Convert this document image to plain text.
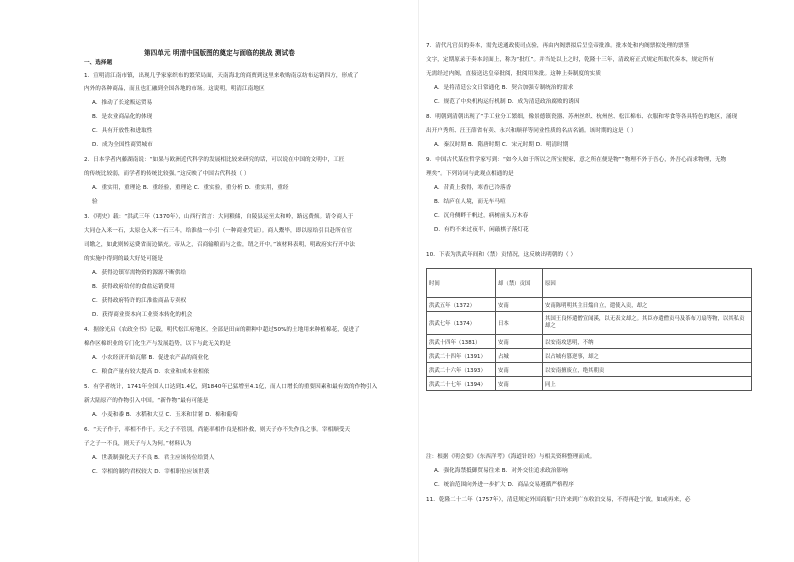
第四单元 明清中国版图的奠定与面临的挑战 测试卷
一、选择题
1．宣明清江南市镇，出现几乎家家织布的繁荣局面，天南海北的商贾到这里来收购南京纺布运销四方，形成了
内外的各种商品，而且也汇融到全国各地的市场。这说明，明清江南地区
A．推动了长途贩运贸易
B．是农业商品化的体现
C．具有开放性和进取性
D．成为全国性商贸城市
2．日本学者内藤湖南说：“如果与欧洲近代科学的发展相比较来研究的话，可以说在中国的文明中，工匠
的传统比较弱，而学者的传统比较强。”这反映了中国古代科技（ ）
A．重实用，重理论 B．重经验，重理论 C．重实验，重分析 D．重实用，重经
验
3．《明史》载：“洪武三年（1370年），山西行省言：大同粮储，自陵县运至太和岭，路远费烦。请令商人于
大同仓入米一石，太原仓入米一石三斗，给淮盐一小引（一种商业凭证）。商人鬻毕，即以原给引目赴所在官
司缴之，如此则转运费省而边储充。帝从之，召商输粮而与之盐，谓之开中。”该材料表明，明政府实行开中法
的实施中得到的最大好处可能是
A．获得边镇军需物资的源源不断供给
B．获得政府给付的食盐运销费用
C．获得政府特许的江淮盐商品专卖权
D．获得商业资本向工业资本转化的机会
4．据徐光启《农政全书》记载，明代松江府地区，全部是田亩的耕种中超过50%的土地用来种植棉花，促进了
棉作区棉织业的专门化生产与发展趋势，以下与此无关的是
A．小农经济开始瓦解 B．促进农产品的商业化
C．粮食产量有较大提高 D．农业和成本业相依
5．有学者统计，1741年全国人口达到1.4亿，到1840年已猛增至4.1亿，而人口增长的重要因素和最有效的作物引入
新大陆原产的作物引入中国。“新作物”最有可能是
A．小麦和黍 B．水稻和大豆 C．玉米和甘薯 D．棉和葡萄
6．“天子作于，率相不作于。天之子不管别，尚能率相作良是相扑救，则天子亦不失作良之事。宰相顺受天
子之子一不良，则天子与人为何。”材料认为
A．世袭制强化天子不良 B．君主应该传位给贤人
C．宰相的制约君权较大 D．宰相职位应该世袭
7．清代凡官员的奏本，需先送通政使司点验，再由内阁票拟后呈皇帝批准。批本处和内阁票拟处理的票签
文字，定期原录于奏本封面上，称为“批红”。并当处以上之时，乾隆十三年，清政府正式规定所取代奏本，规定所有
无需经过内阁，直接送达皇帝批阅，批阅用朱批。这种上奏制度的实质
A．是将清廷公文日常通化 B．契合加强专制统治的需求
C．规范了中央机构运行机制 D．成为清廷政治腐败的诱因
8．明朝到清朝出现了“手工业分工繁细，像景德镇瓷器、苏州丝织、杭州丝、松江棉布、衣服和零食等各具特色的地区，涌现
出开户秀所、汪王薛省有卖、永兴和顺祥等同业性质的名店名铺。该时期的这是（ ）
A．秦汉时期 B．隋唐时期 C．宋元时期 D．明清时期
9．中国古代某位哲学家写到：“如今人如于所以之所宝便家，意之所在便是物”“物理不外于吾心，外吾心而求物理，无物
理矣”。下列诗词与此观点相通的是
A．昔黄上我得，寒香已冷落香
B．结庐在人境，而无车马喧
C．沉舟侧畔千帆过，病树前头万木春
D．有约不来过夜半，闲敲棋子落灯花
10．下表为洪武年间和（禁）贡情况，这反映出明朝的（ ）
时间	却（禁）贡国	原因
洪武五年（1372）	安南	安南陈明明其主日煓自立，遣使入贡，却之
洪武七年（1374）	日本	其国王良怀遣僧宣闻溪，以无表文却之。其臣亦遣僧贡马及茶布刀扇等物，以其私贡却之
洪武十四年（1381）	安南	以安南攻思明，不纳
洪武二十四年（1391）	占城	以占城有篡逆事，却之
洪武二十六年（1393）	安南	以安南擅废立，绝其朝贡
洪武二十七年（1394）	安南	同上
注：根据《明会要》《东西洋考》《海道针经》与相关资料整理而成。
A．强化海禁抵御贸易往来 B．对外交往追求政治影响
C．统治范围向外进一步扩大 D．商品交易遵循严格程序
11．乾隆二十二年（1757年），清廷规定外国商船“只许来到广东收泊交易，不得再赴宁波，如或再来，必
